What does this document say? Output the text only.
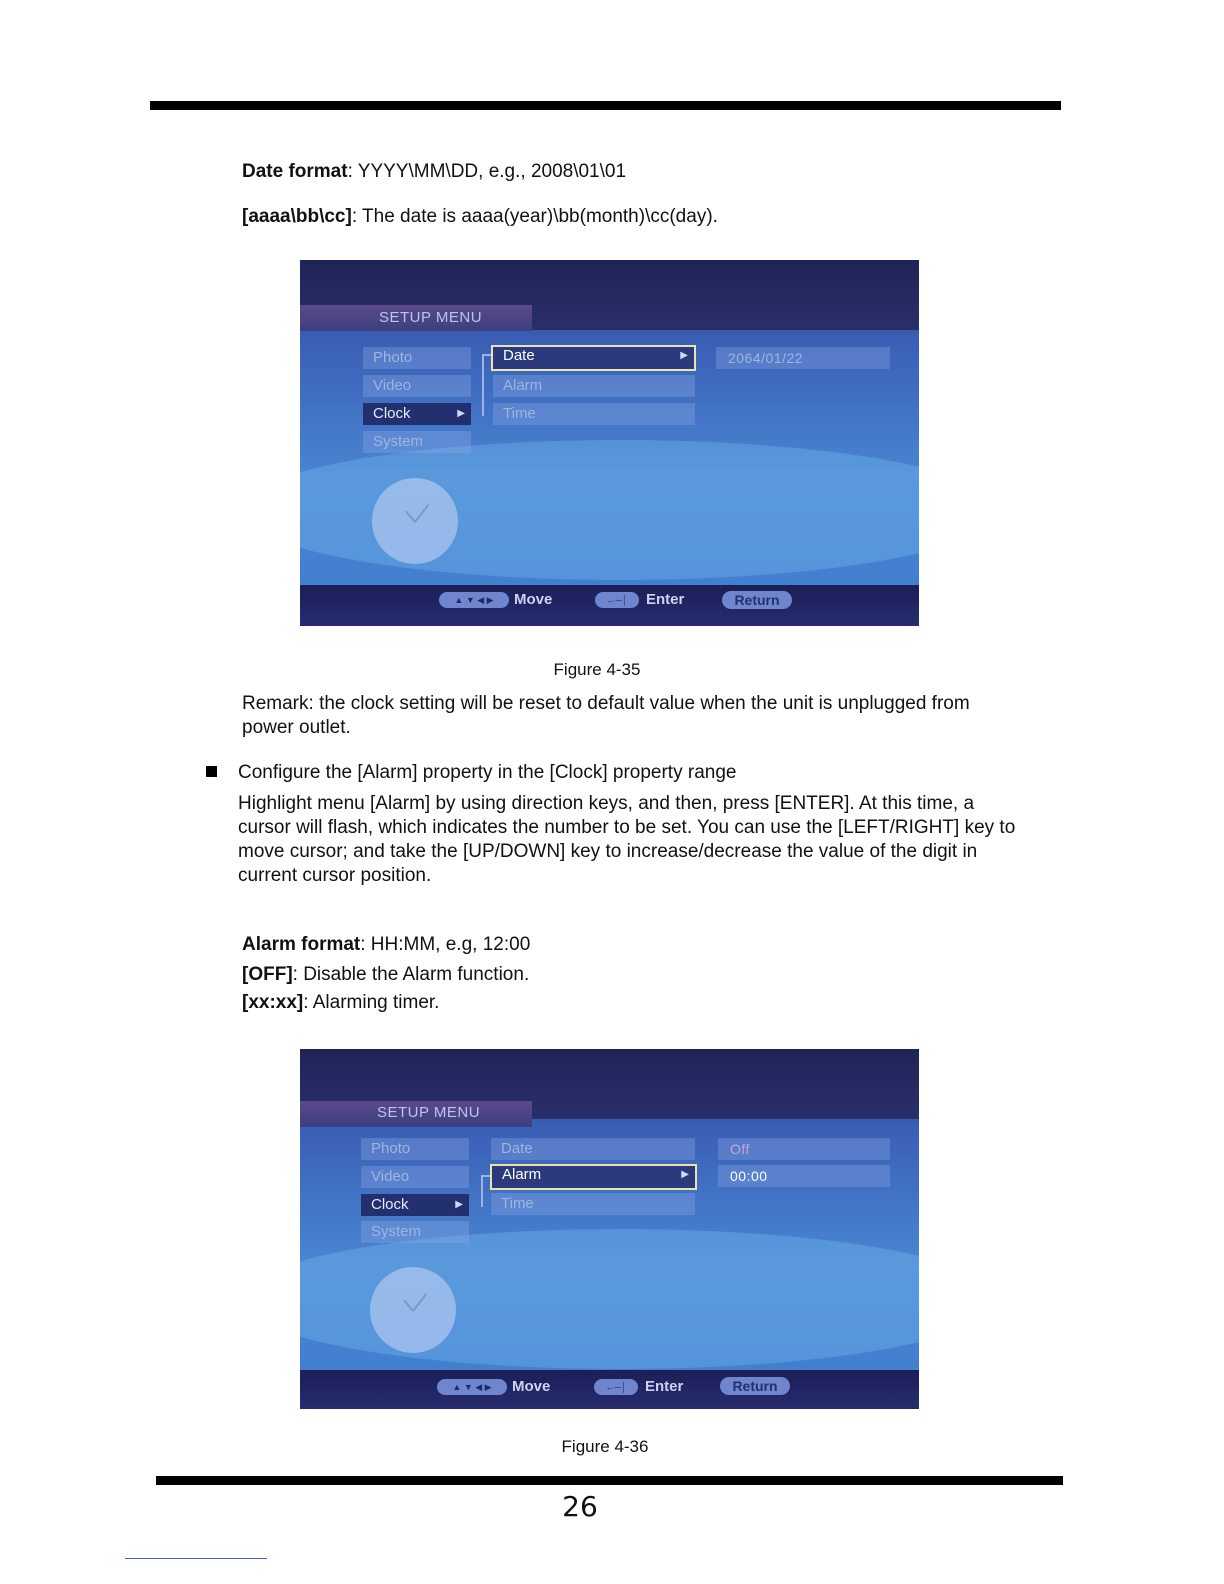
Date format: YYYY\MM\DD, e.g., 2008\01\01
[aaaa\bb\cc]: The date is aaaa(year)\bb(month)\cc(day).
SETUP MENU
Photo
Video
Clock	▶
System
Date	▶
Alarm
Time
2064/01/22
▲ ▼ ◀ ▶	Move	←─│	Enter	Return
Figure 4-35
Remark: the clock setting will be reset to default value when the unit is unplugged from power outlet.
Configure the [Alarm] property in the [Clock] property range
Highlight menu [Alarm] by using direction keys, and then, press [ENTER]. At this time, a cursor will flash, which indicates the number to be set. You can use the [LEFT/RIGHT] key to move cursor; and take the [UP/DOWN] key to increase/decrease the value of the digit in current cursor position.
Alarm format: HH:MM, e.g, 12:00
[OFF]: Disable the Alarm function.
[xx:xx]: Alarming timer.
SETUP MENU
Photo
Video
Clock	▶
System
Date
Alarm	▶
Time
Off
00:00
▲ ▼ ◀ ▶	Move	←─│	Enter	Return
Figure 4-36
26
